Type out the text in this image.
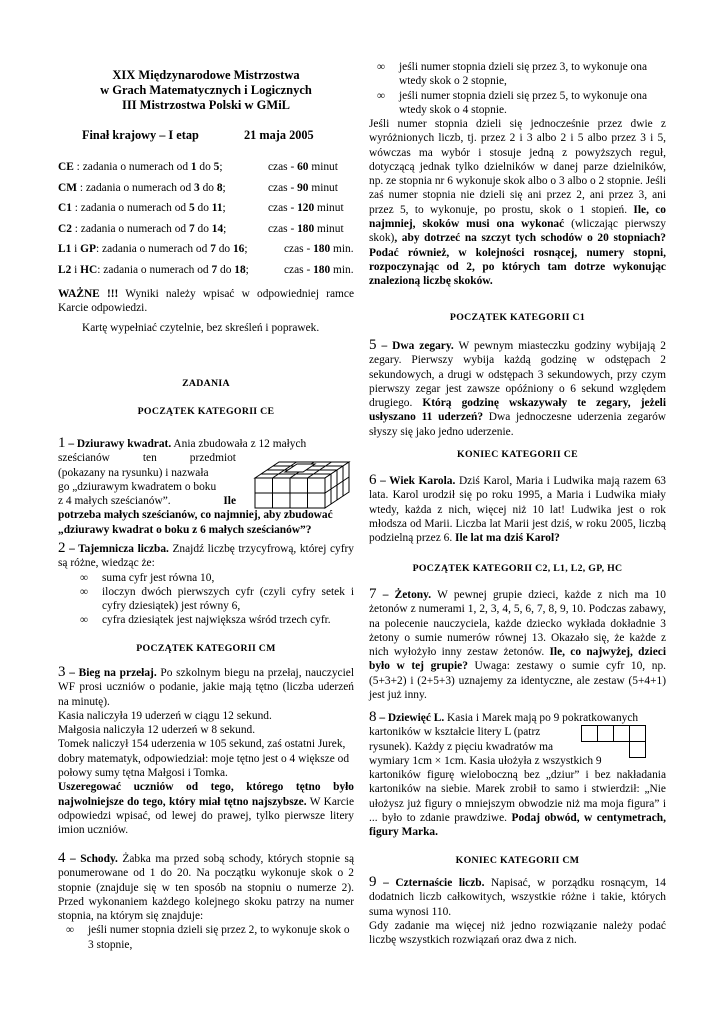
XIX Międzynarodowe Mistrzostwa
w Grach Matematycznych i Logicznych
III Mistrzostwa Polski w GMiL
Finał krajowy – I etap	21 maja 2005
CE : zadania o numerach od 1 do 5;	czas - 60 minut
CM : zadania o numerach od 3 do 8;	czas - 90 minut
C1 : zadania o numerach od 5 do 11;	czas - 120 minut
C2 : zadania o numerach od 7 do 14;	czas - 180 minut
L1 i GP: zadania o numerach od 7 do 16;	czas - 180 min.
L2 i HC: zadania o numerach od 7 do 18;	czas - 180 min.
WAŻNE !!! Wyniki należy wpisać w odpowiedniej ramce Karcie odpowiedzi.
Kartę wypełniać czytelnie, bez skreśleń i poprawek.
ZADANIA
POCZĄTEK KATEGORII CE
1 – Dziurawy kwadrat. Ania zbudowała z 12 małych
sześcianów	ten	przedmiot
(pokazany na rysunku) i nazwała
go „dziurawym kwadratem o boku
z 4 małych sześcianów”.	Ile
potrzeba małych sześcianów, co najmniej, aby zbudować
„dziurawy kwadrat o boku z 6 małych sześcianów”?
2 – Tajemnicza liczba. Znajdź liczbę trzycyfrową, której cyfry są różne, wiedząc że:
∞	suma cyfr jest równa 10,
∞	iloczyn dwóch pierwszych cyfr (czyli cyfry setek i cyfry dziesiątek) jest równy 6,
∞	cyfra dziesiątek jest największa wśród trzech cyfr.
POCZĄTEK KATEGORII CM
3 – Bieg na przełaj. Po szkolnym biegu na przełaj, nauczyciel WF prosi uczniów o podanie, jakie mają tętno (liczba uderzeń na minutę).
Kasia naliczyła 19 uderzeń w ciągu 12 sekund.
Małgosia naliczyła 12 uderzeń w 8 sekund.
Tomek naliczył 154 uderzenia w 105 sekund, zaś ostatni Jurek, dobry matematyk, odpowiedział: moje tętno jest o 4 większe od połowy sumy tętna Małgosi i Tomka.
Uszeregować uczniów od tego, którego tętno było najwolniejsze do tego, który miał tętno najszybsze. W Karcie odpowiedzi wpisać, od lewej do prawej, tylko pierwsze litery imion uczniów.
4 – Schody. Żabka ma przed sobą schody, których stopnie są ponumerowane od 1 do 20. Na początku wykonuje skok o 2 stopnie (znajduje się w ten sposób na stopniu o numerze 2). Przed wykonaniem każdego kolejnego skoku patrzy na numer stopnia, na którym się znajduje:
∞	jeśli numer stopnia dzieli się przez 2, to wykonuje skok o 3 stopnie,
∞	jeśli numer stopnia dzieli się przez 3, to wykonuje ona wtedy skok o 2 stopnie,
∞	jeśli numer stopnia dzieli się przez 5, to wykonuje ona wtedy skok o 4 stopnie.
Jeśli numer stopnia dzieli się jednocześnie przez dwie z wyróżnionych liczb, tj. przez 2 i 3 albo 2 i 5 albo przez 3 i 5, wówczas ma wybór i stosuje jedną z powyższych reguł, dotyczącą jednak tylko dzielników w danej parze dzielników, np. ze stopnia nr 6 wykonuje skok albo o 3 albo o 2 stopnie. Jeśli zaś numer stopnia nie dzieli się ani przez 2, ani przez 3, ani przez 5, to wykonuje, po prostu, skok o 1 stopień. Ile, co najmniej, skoków musi ona wykonać (wliczając pierwszy skok), aby dotrzeć na szczyt tych schodów o 20 stopniach? Podać również, w kolejności rosnącej, numery stopni, rozpoczynając od 2, po których tam dotrze wykonując znalezioną liczbę skoków.
POCZĄTEK KATEGORII C1
5 – Dwa zegary. W pewnym miasteczku godziny wybijają 2 zegary. Pierwszy wybija każdą godzinę w odstępach 2 sekundowych, a drugi w odstępach 3 sekundowych, przy czym pierwszy zegar jest zawsze opóźniony o 6 sekund względem drugiego. Którą godzinę wskazywały te zegary, jeżeli usłyszano 11 uderzeń? Dwa jednoczesne uderzenia zegarów słyszy się jako jedno uderzenie.
KONIEC KATEGORII CE
6 – Wiek Karola. Dziś Karol, Maria i Ludwika mają razem 63 lata. Karol urodził się po roku 1995, a Maria i Ludwika miały wtedy, każda z nich, więcej niż 10 lat! Ludwika jest o rok młodsza od Marii. Liczba lat Marii jest dziś, w roku 2005, liczbą podzielną przez 6. Ile lat ma dziś Karol?
POCZĄTEK KATEGORII C2, L1, L2, GP, HC
7 – Żetony. W pewnej grupie dzieci, każde z nich ma 10 żetonów z numerami 1, 2, 3, 4, 5, 6, 7, 8, 9, 10. Podczas zabawy, na polecenie nauczyciela, każde dziecko wykłada dokładnie 3 żetony o sumie numerów równej 13. Okazało się, że każde z nich wyłożyło inny zestaw żetonów. Ile, co najwyżej, dzieci było w tej grupie? Uwaga: zestawy o sumie cyfr 10, np. (5+3+2) i (2+5+3) uznajemy za identyczne, ale zestaw (5+4+1) jest już inny.
8 – Dziewięć L. Kasia i Marek mają po 9 pokratkowanych
kartoników w kształcie litery L (patrz
rysunek). Każdy z pięciu kwadratów ma
wymiary 1cm × 1cm. Kasia ułożyła z wszystkich 9
kartoników figurę wielobоczną bez „dziur” i bez nakładania kartoników na siebie. Marek zrobił to samo i stwierdził: „Nie ułożysz już figury o mniejszym obwodzie niż ma moja figura” i ... było to zdanie prawdziwe. Podaj obwód, w centymetrach, figury Marka.
KONIEC KATEGORII CM
9 – Czternaście liczb. Napisać, w porządku rosnącym, 14 dodatnich liczb całkowitych, wszystkie różne i takie, których suma wynosi 110.
Gdy zadanie ma więcej niż jedno rozwiązanie należy podać liczbę wszystkich rozwiązań oraz dwa z nich.
